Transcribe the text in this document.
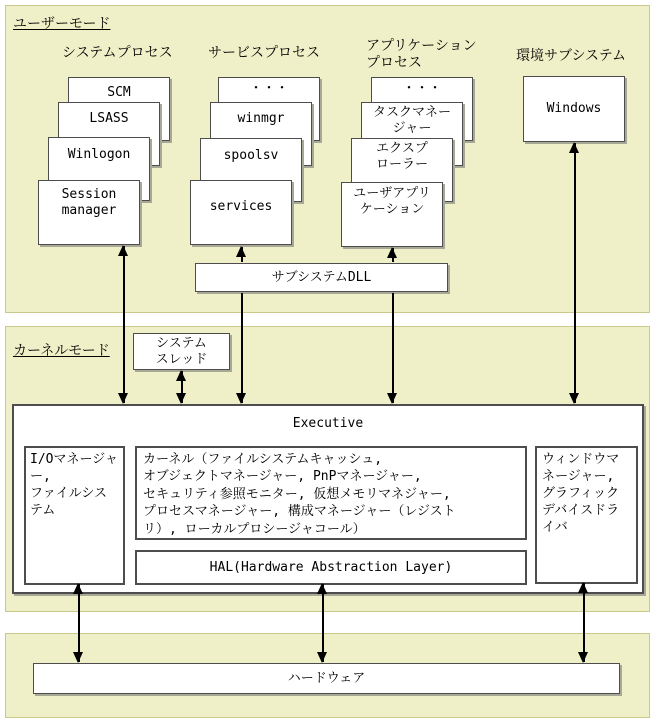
ユーザーモード
カーネルモード
システムプロセス	サービスプロセス	アプリケーション
プロセス	環境サブシステム
SCM
LSASS
Winlogon
Session
manager
・・・
winmgr
spoolsv
services
・・・
タスクマネー
ジャー
エクスプ
ローラー
ユーザアプリ
ケーション
Windows
サブシステムDLL
システム
スレッド
Executive
I/Oマネージャ
ー,
ファイルシス
テム
カーネル（ファイルシステムキャッシュ,
オブジェクトマネージャー, PnPマネージャー,
セキュリティ参照モニター, 仮想メモリマネジャー,
プロセスマネージャー, 構成マネージャー（レジスト
リ）, ローカルプロシージャコール）
HAL(Hardware Abstraction Layer)
ウィンドウマ
ネージャー,
グラフィック
デバイスドラ
イバ
ハードウェア
